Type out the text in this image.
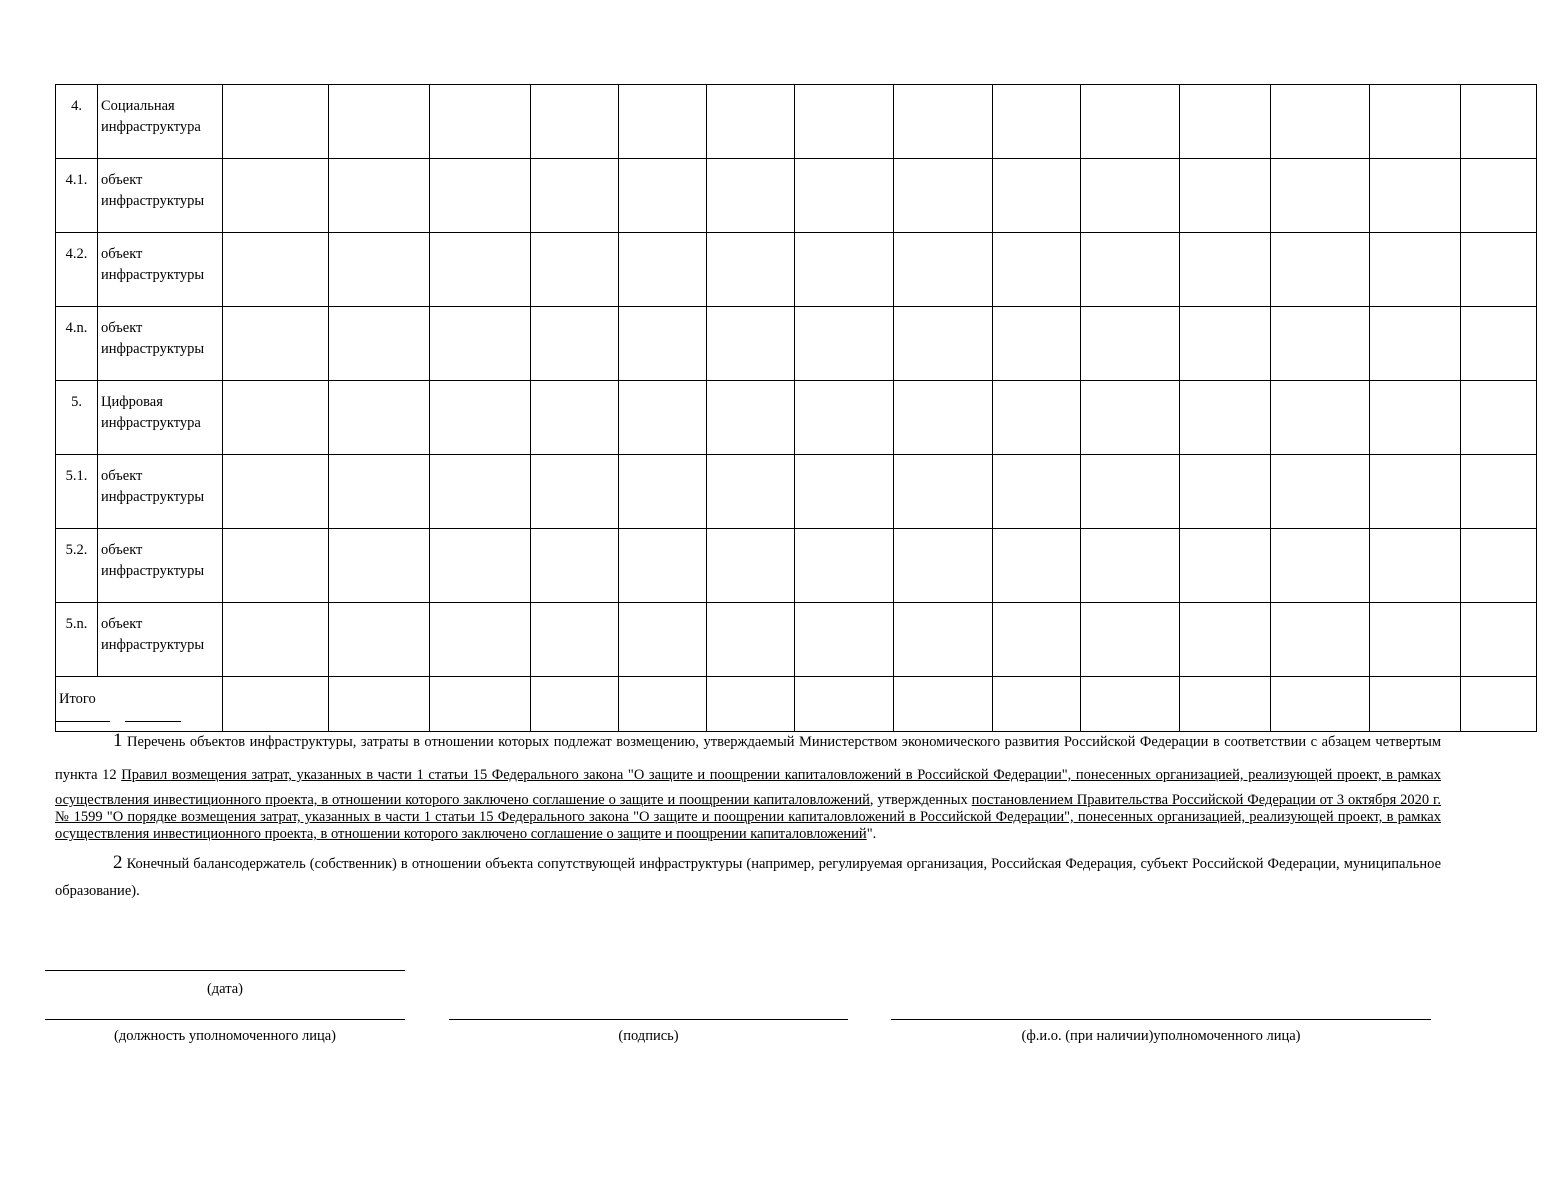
4.	Социальная инфраструктура														
4.1.	объект инфраструктуры														
4.2.	объект инфраструктуры														
4.n.	объект инфраструктуры														
5.	Цифровая инфраструктура														
5.1.	объект инфраструктуры														
5.2.	объект инфраструктуры														
5.n.	объект инфраструктуры														
Итого															

1 Перечень объектов инфраструктуры, затраты в отношении которых подлежат возмещению, утверждаемый Министерством экономического развития Российской Федерации в соответствии с абзацем четвертым пункта 12 Правил возмещения затрат, указанных в части 1 статьи 15 Федерального закона "О защите и поощрении капиталовложений в Российской Федерации", понесенных организацией, реализующей проект, в рамках осуществления инвестиционного проекта, в отношении которого заключено соглашение о защите и поощрении капиталовложений, утвержденных постановлением Правительства Российской Федерации от 3 октября 2020 г. № 1599 "О порядке возмещения затрат, указанных в части 1 статьи 15 Федерального закона "О защите и поощрении капиталовложений в Российской Федерации", понесенных организацией, реализующей проект, в рамках осуществления инвестиционного проекта, в отношении которого заключено соглашение о защите и поощрении капиталовложений".

2 Конечный балансодержатель (собственник) в отношении объекта сопутствующей инфраструктуры (например, регулируемая организация, Российская Федерация, субъект Российской Федерации, муниципальное образование).

(дата)
(должность уполномоченного лица)	(подпись)	(ф.и.о. (при наличии)уполномоченного лица)
